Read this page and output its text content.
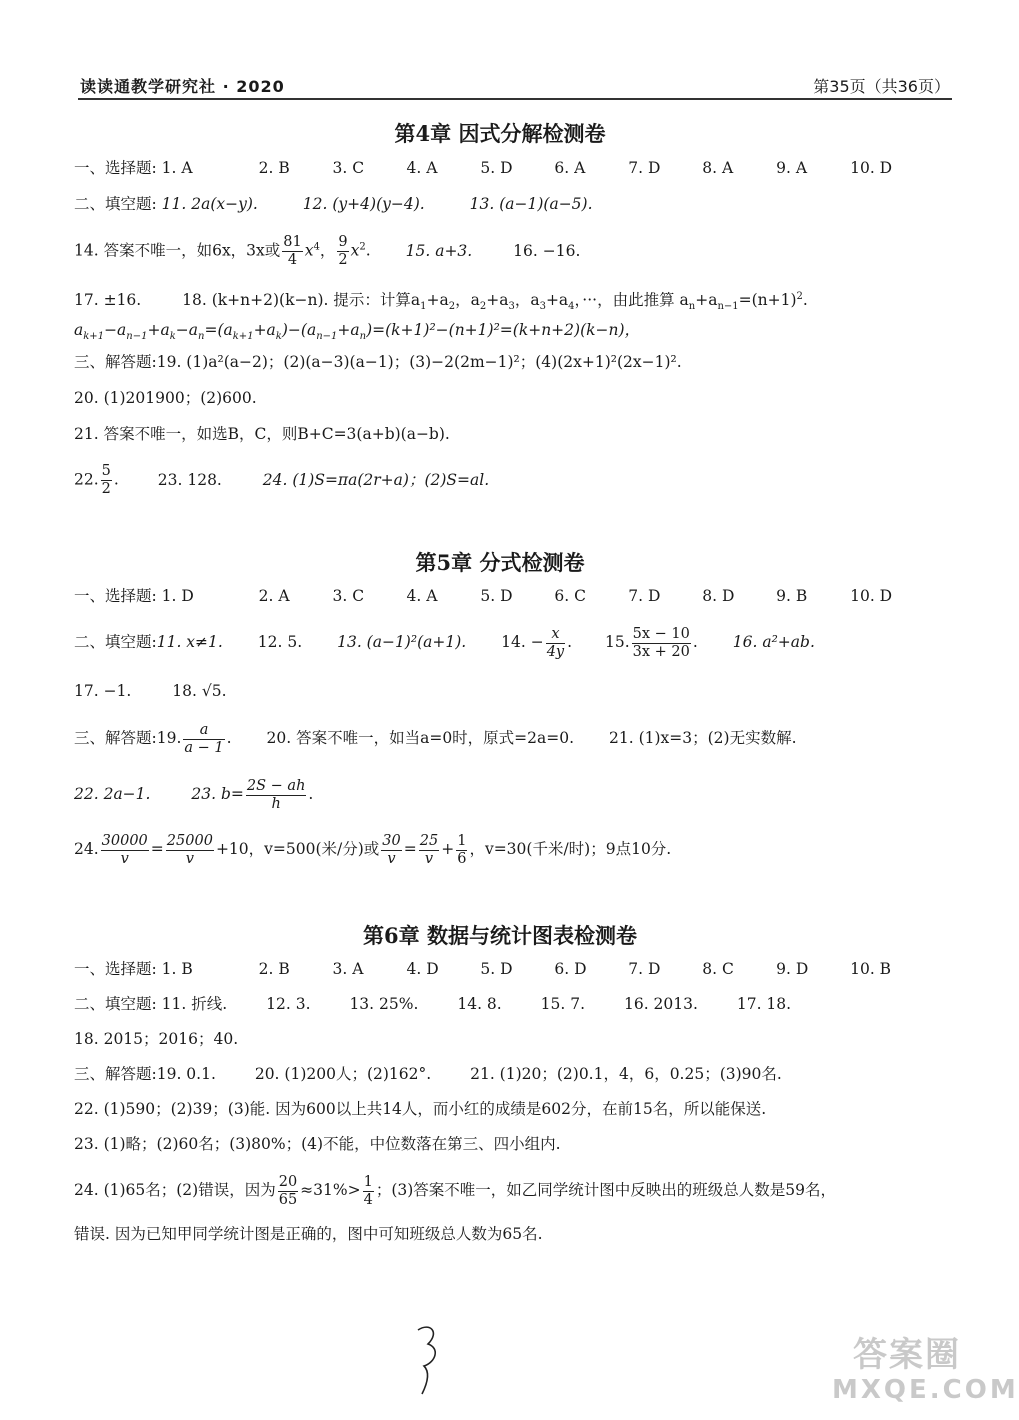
读读通教学研究社 · 2020	第35页（共36页）
第4章 因式分解检测卷
一、选择题: 1. A	2. B	3. C	4. A	5. D	6. A	7. D	8. A	9. A	10. D
二、填空题: 11. 2a(x−y).	12. (y+4)(y−4).	13. (a−1)(a−5).
14. 答案不唯一，如6x，3x或 $\frac{81}{4} x^4$， $\frac{9}{2} x^2$. 15. a+3.	16. −16.
17. ±16.	18. (k+n+2)(k−n). 提示：计算$a_1+a_2$，$a_2+a_3$，$a_3+a_4$，···，由此推算 $a_n+a_{n-1}=(n+1)^2$.
$a_{k+1}-a_{n-1}+a_k-a_n=(a_{k+1}+a_k)-(a_{n-1}+a_n)=(k+1)^2-(n+1)^2=(k+n+2)(k-n)$，
三、解答题:19. (1)a²(a−2)；(2)(a−3)(a−1)；(3)−2(2m−1)²；(4)(2x+1)²(2x−1)².
20. (1)201900；(2)600.
21. 答案不唯一，如选B，C，则B+C=3(a+b)(a−b).
22. $\frac{5}{2}$ .	23. 128.	24. (1)S=πa(2r+a)；(2)S=al.
第5章 分式检测卷
一、选择题: 1. D	2. A	3. C	4. A	5. D	6. C	7. D	8. D	9. B	10. D
二、填空题:11. x≠1. 12. 5. 13. (a−1)²(a+1). 14. − $\frac{x}{4y}$ . 15. $\frac{5x - 10}{3x + 20}$ . 16. a²+ab.
17. −1.	18. √5.
三、解答题:19. $\frac{a}{a - 1}$ . 20. 答案不唯一，如当a=0时，原式=2a=0. 21. (1)x=3；(2)无实数解.
22. 2a−1.	23. $b= \frac{2S - ah}{h}$ .
24. $\frac{30000}{v} = \frac{25000}{v} +10$，v=500(米/分)或 $\frac{30}{v} = \frac{25}{v} + \frac{1}{6}$ ，v=30(千米/时)；9点10分.
第6章 数据与统计图表检测卷
一、选择题: 1. B	2. B	3. A	4. D	5. D	6. D	7. D	8. C	9. D	10. B
二、填空题: 11. 折线.	12. 3.	13. 25%.	14. 8.	15. 7.	16. 2013.	17. 18.
18. 2015；2016；40.
三、解答题:19. 0.1.	20. (1)200人；(2)162°.	21. (1)20；(2)0.1，4，6，0.25；(3)90名.
22. (1)590；(2)39；(3)能. 因为600以上共14人，而小红的成绩是602分，在前15名，所以能保送.
23. (1)略；(2)60名；(3)80%；(4)不能，中位数落在第三、四小组内.
24. (1)65名；(2)错误，因为 $\frac{20}{65} \approx 31\%> \frac{1}{4}$ ；(3)答案不唯一，如乙同学统计图中反映出的班级总人数是59名，
错误. 因为已知甲同学统计图是正确的，图中可知班级总人数为65名.
答案圈
MXQE.COM
